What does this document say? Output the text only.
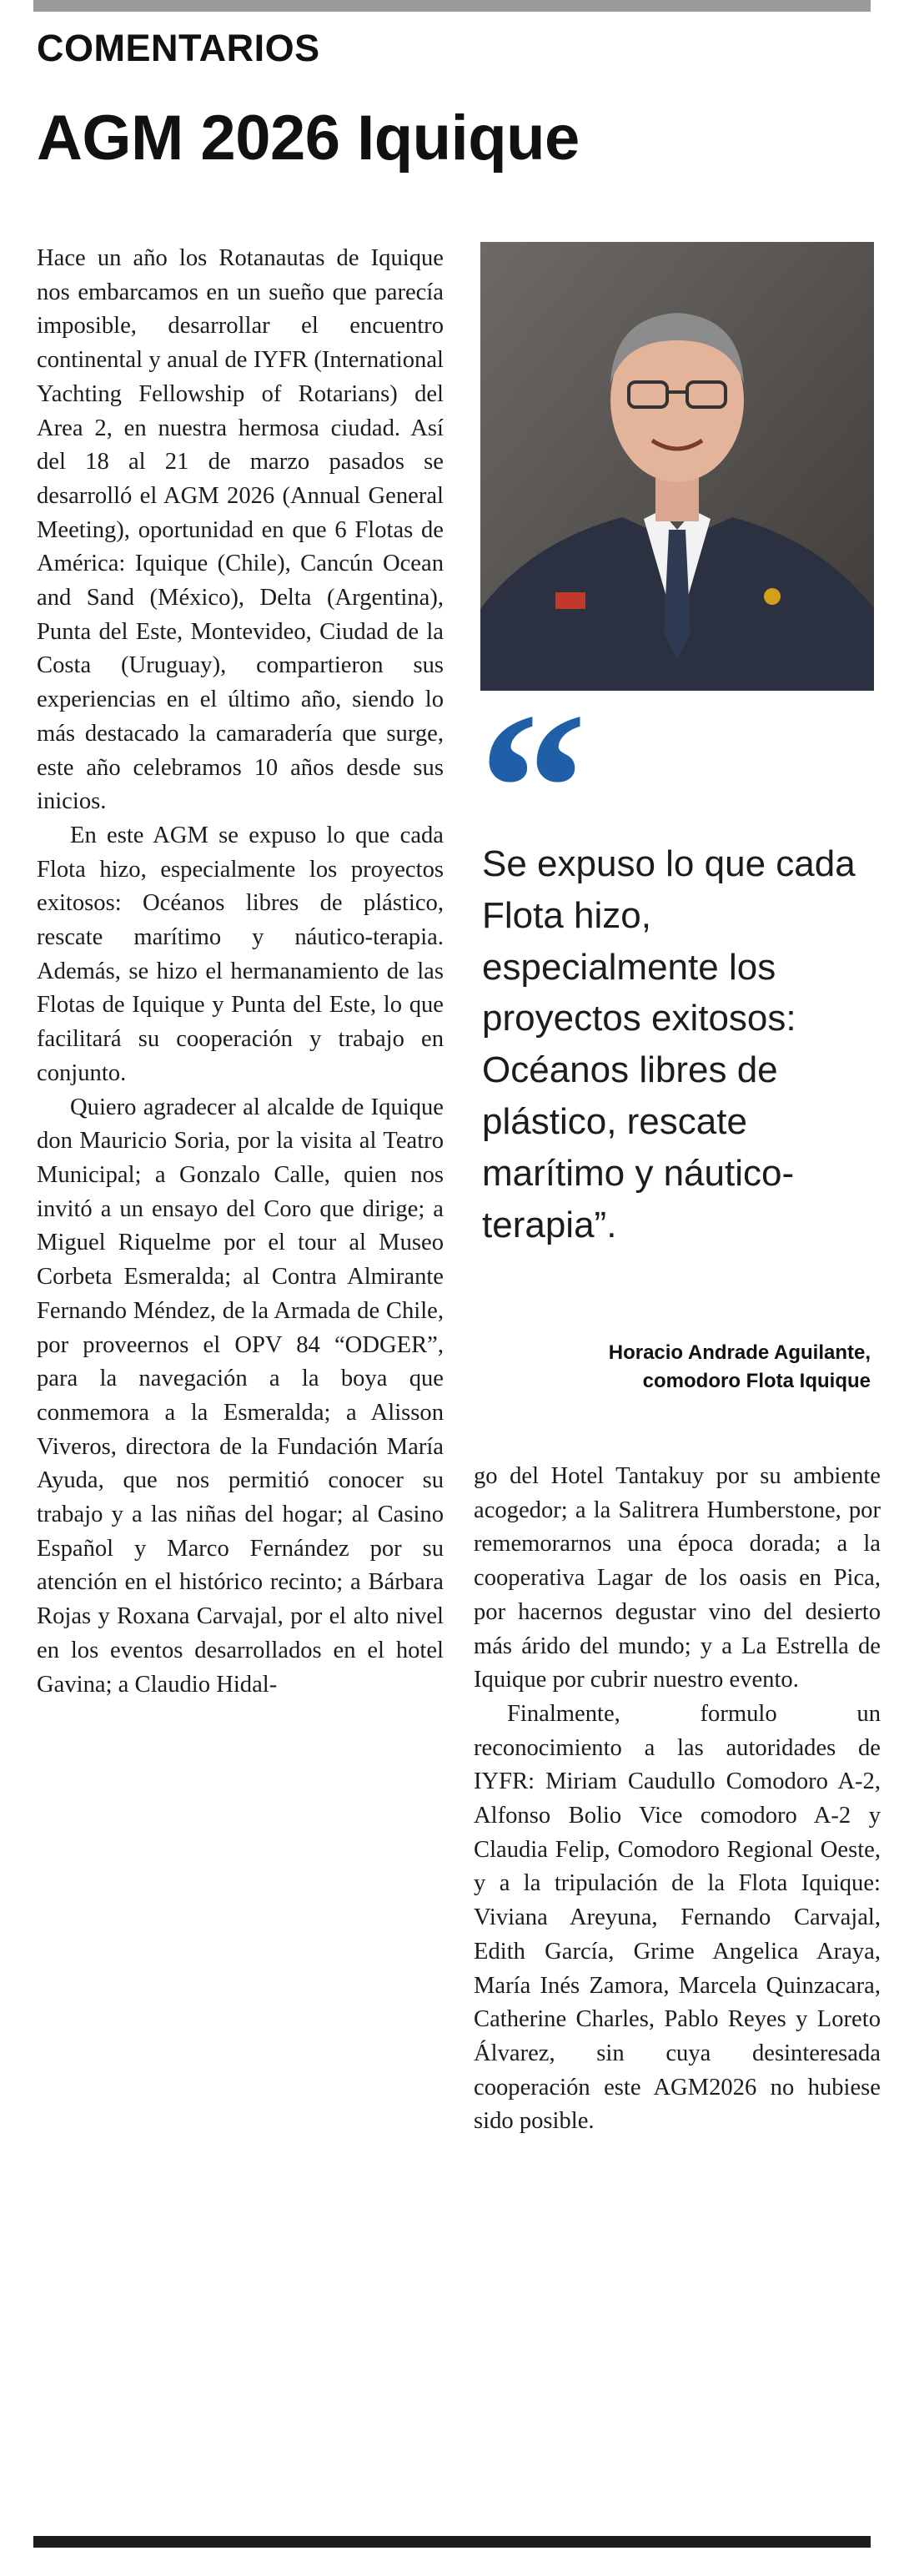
COMENTARIOS
AGM 2026 Iquique

Hace un año los Rotanautas de Iquique nos embarcamos en un sueño que parecía imposible, desarrollar el encuentro continental y anual de IYFR (International Yachting Fellowship of Rotarians) del Area 2, en nuestra hermosa ciudad. Así del 18 al 21 de marzo pasados se desarrolló el AGM 2026 (Annual General Meeting), oportunidad en que 6 Flotas de América: Iquique (Chile), Cancún Ocean and Sand (México), Delta (Argentina), Punta del Este, Montevideo, Ciudad de la Costa (Uruguay), compartieron sus experiencias en el último año, siendo lo más destacado la camaradería que surge, este año celebramos 10 años desde sus inicios.

En este AGM se expuso lo que cada Flota hizo, especialmente los proyectos exitosos: Océanos libres de plástico, rescate marítimo y náutico-terapia. Además, se hizo el hermanamiento de las Flotas de Iquique y Punta del Este, lo que facilitará su cooperación y trabajo en conjunto.

Quiero agradecer al alcalde de Iquique don Mauricio Soria, por la visita al Teatro Municipal; a Gonzalo Calle, quien nos invitó a un ensayo del Coro que dirige; a Miguel Riquelme por el tour al Museo Corbeta Esmeralda; al Contra Almirante Fernando Méndez, de la Armada de Chile, por proveernos el OPV 84 “ODGER”, para la navegación a la boya que conmemora a la Esmeralda; a Alisson Viveros, directora de la Fundación María Ayuda, que nos permitió conocer su trabajo y a las niñas del hogar; al Casino Español y Marco Fernández por su atención en el histórico recinto; a Bárbara Rojas y Roxana Carvajal, por el alto nivel en los eventos desarrollados en el hotel Gavina; a Claudio Hidal-

“
Se expuso lo que cada Flota hizo, especialmente los proyectos exitosos: Océanos libres de plástico, rescate marítimo y náutico-terapia”.
Horacio Andrade Aguilante,
comodoro Flota Iquique

go del Hotel Tantakuy por su ambiente acogedor; a la Salitrera Humberstone, por rememorarnos una época dorada; a la cooperativa Lagar de los oasis en Pica, por hacernos degustar vino del desierto más árido del mundo; y a La Estrella de Iquique por cubrir nuestro evento.

Finalmente, formulo un reconocimiento a las autoridades de IYFR: Miriam Caudullo Comodoro A-2, Alfonso Bolio Vice comodoro A-2 y Claudia Felip, Comodoro Regional Oeste, y a la tripulación de la Flota Iquique: Viviana Areyuna, Fernando Carvajal, Edith García, Grime Angelica Araya, María Inés Zamora, Marcela Quinzacara, Catherine Charles, Pablo Reyes y Loreto Álvarez, sin cuya desinteresada cooperación este AGM2026 no hubiese sido posible.
